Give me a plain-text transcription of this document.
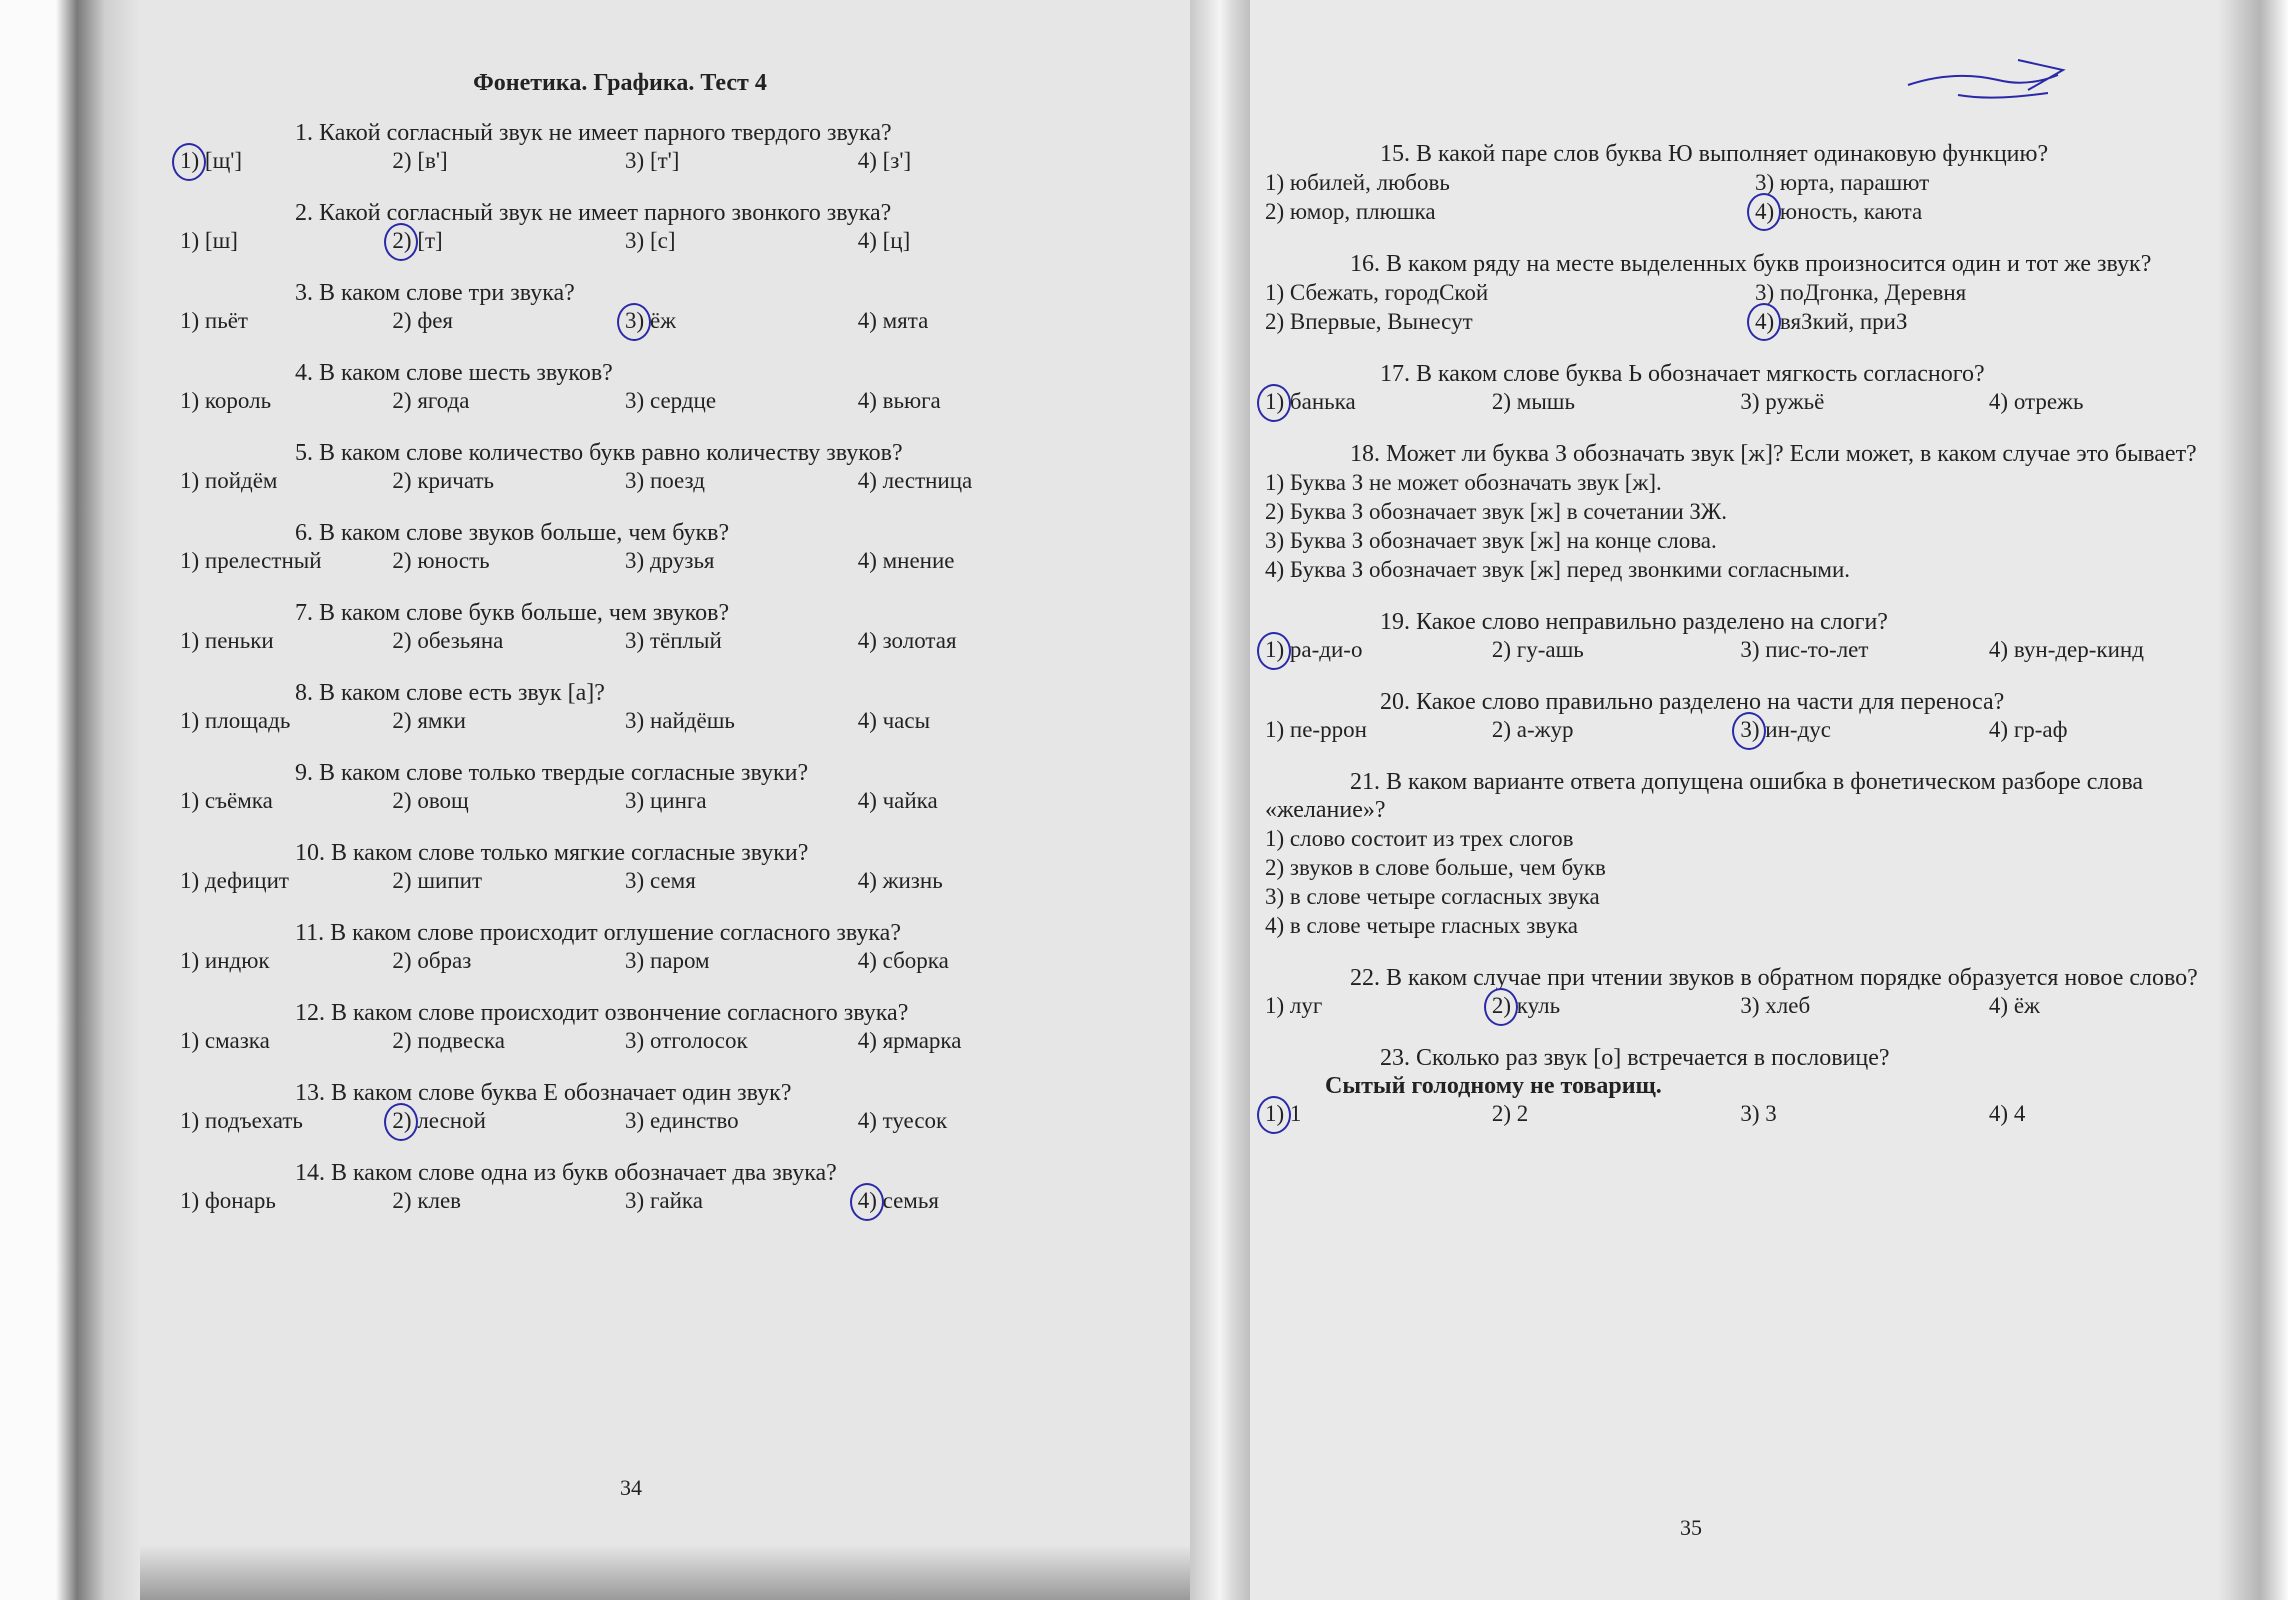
Фонетика. Графика. Тест 4
1. Какой согласный звук не имеет парного твердого звука?
1) [щ']	2) [в']	3) [т']	4) [з']
2. Какой согласный звук не имеет парного звонкого звука?
1) [ш]	2) [т]	3) [с]	4) [ц]
3. В каком слове три звука?
1) пьёт	2) фея	3) ёж	4) мята
4. В каком слове шесть звуков?
1) король	2) ягода	3) сердце	4) вьюга
5. В каком слове количество букв равно количеству звуков?
1) пойдём	2) кричать	3) поезд	4) лестница
6. В каком слове звуков больше, чем букв?
1) прелестный	2) юность	3) друзья	4) мнение
7. В каком слове букв больше, чем звуков?
1) пеньки	2) обезьяна	3) тёплый	4) золотая
8. В каком слове есть звук [а]?
1) площадь	2) ямки	3) найдёшь	4) часы
9. В каком слове только твердые согласные звуки?
1) съёмка	2) овощ	3) цинга	4) чайка
10. В каком слове только мягкие согласные звуки?
1) дефицит	2) шипит	3) семя	4) жизнь
11. В каком слове происходит оглушение согласного звука?
1) индюк	2) образ	3) паром	4) сборка
12. В каком слове происходит озвончение согласного звука?
1) смазка	2) подвеска	3) отголосок	4) ярмарка
13. В каком слове буква Е обозначает один звук?
1) подъехать	2) лесной	3) единство	4) туесок
14. В каком слове одна из букв обозначает два звука?
1) фонарь	2) клев	3) гайка	4) семья
34
15. В какой паре слов буква Ю выполняет одинаковую функцию?
1) юбилей, любовь	3) юрта, парашют
2) юмор, плюшка	4) юность, каюта
16. В каком ряду на месте выделенных букв произносится один и тот же звук?
1) Сбежать, городСкой	3) поДгонка, Деревня
2) Впервые, Вынесут	4) вяЗкий, приЗ
17. В каком слове буква Ь обозначает мягкость согласного?
1) банька	2) мышь	3) ружьё	4) отрежь
18. Может ли буква З обозначать звук [ж]? Если может, в каком случае это бывает?
1) Буква З не может обозначать звук [ж].
2) Буква З обозначает звук [ж] в сочетании ЗЖ.
3) Буква З обозначает звук [ж] на конце слова.
4) Буква З обозначает звук [ж] перед звонкими согласными.
19. Какое слово неправильно разделено на слоги?
1) ра-ди-о	2) гу-ашь	3) пис-то-лет	4) вун-дер-кинд
20. Какое слово правильно разделено на части для переноса?
1) пе-ррон	2) а-жур	3) ин-дус	4) гр-аф
21. В каком варианте ответа допущена ошибка в фонетическом разборе слова «желание»?
1) слово состоит из трех слогов
2) звуков в слове больше, чем букв
3) в слове четыре согласных звука
4) в слове четыре гласных звука
22. В каком случае при чтении звуков в обратном порядке образуется новое слово?
1) луг	2) куль	3) хлеб	4) ёж
23. Сколько раз звук [о] встречается в пословице?
Сытый голодному не товарищ.
1) 1	2) 2	3) 3	4) 4
35
